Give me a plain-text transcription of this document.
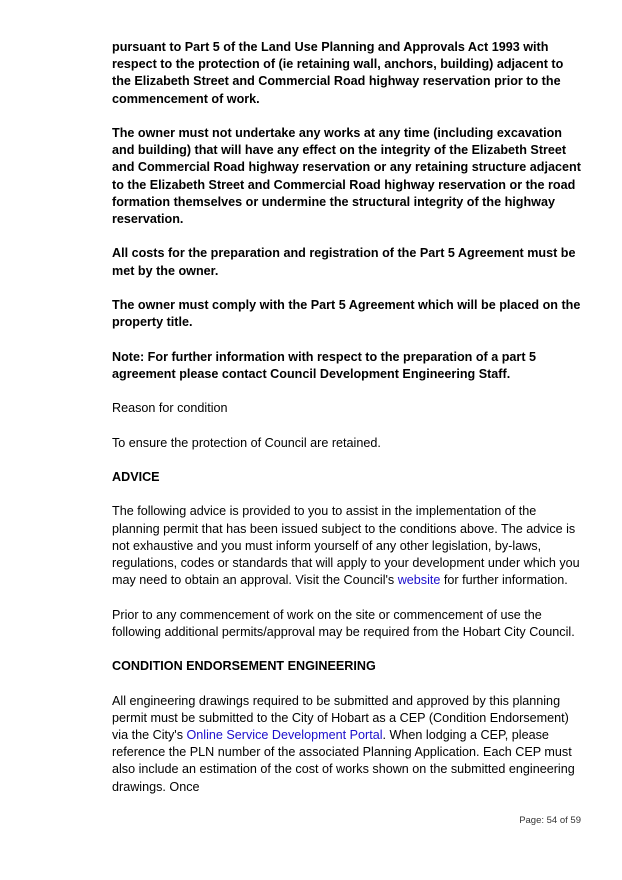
pursuant to Part 5 of the Land Use Planning and Approvals Act 1993 with respect to the protection of (ie retaining wall, anchors, building) adjacent to the Elizabeth Street and Commercial Road highway reservation prior to the commencement of work.

The owner must not undertake any works at any time (including excavation and building) that will have any effect on the integrity of the Elizabeth Street and Commercial Road highway reservation or any retaining structure adjacent to the Elizabeth Street and Commercial Road highway reservation or the road formation themselves or undermine the structural integrity of the highway reservation.

All costs for the preparation and registration of the Part 5 Agreement must be met by the owner.

The owner must comply with the Part 5 Agreement which will be placed on the property title.

Note: For further information with respect to the preparation of a part 5 agreement please contact Council Development Engineering Staff.

Reason for condition

To ensure the protection of Council are retained.

ADVICE

The following advice is provided to you to assist in the implementation of the planning permit that has been issued subject to the conditions above. The advice is not exhaustive and you must inform yourself of any other legislation, by-laws, regulations, codes or standards that will apply to your development under which you may need to obtain an approval. Visit the Council's website for further information.

Prior to any commencement of work on the site or commencement of use the following additional permits/approval may be required from the Hobart City Council.

CONDITION ENDORSEMENT ENGINEERING

All engineering drawings required to be submitted and approved by this planning permit must be submitted to the City of Hobart as a CEP (Condition Endorsement) via the City's Online Service Development Portal. When lodging a CEP, please reference the PLN number of the associated Planning Application. Each CEP must also include an estimation of the cost of works shown on the submitted engineering drawings. Once

Page: 54 of 59
